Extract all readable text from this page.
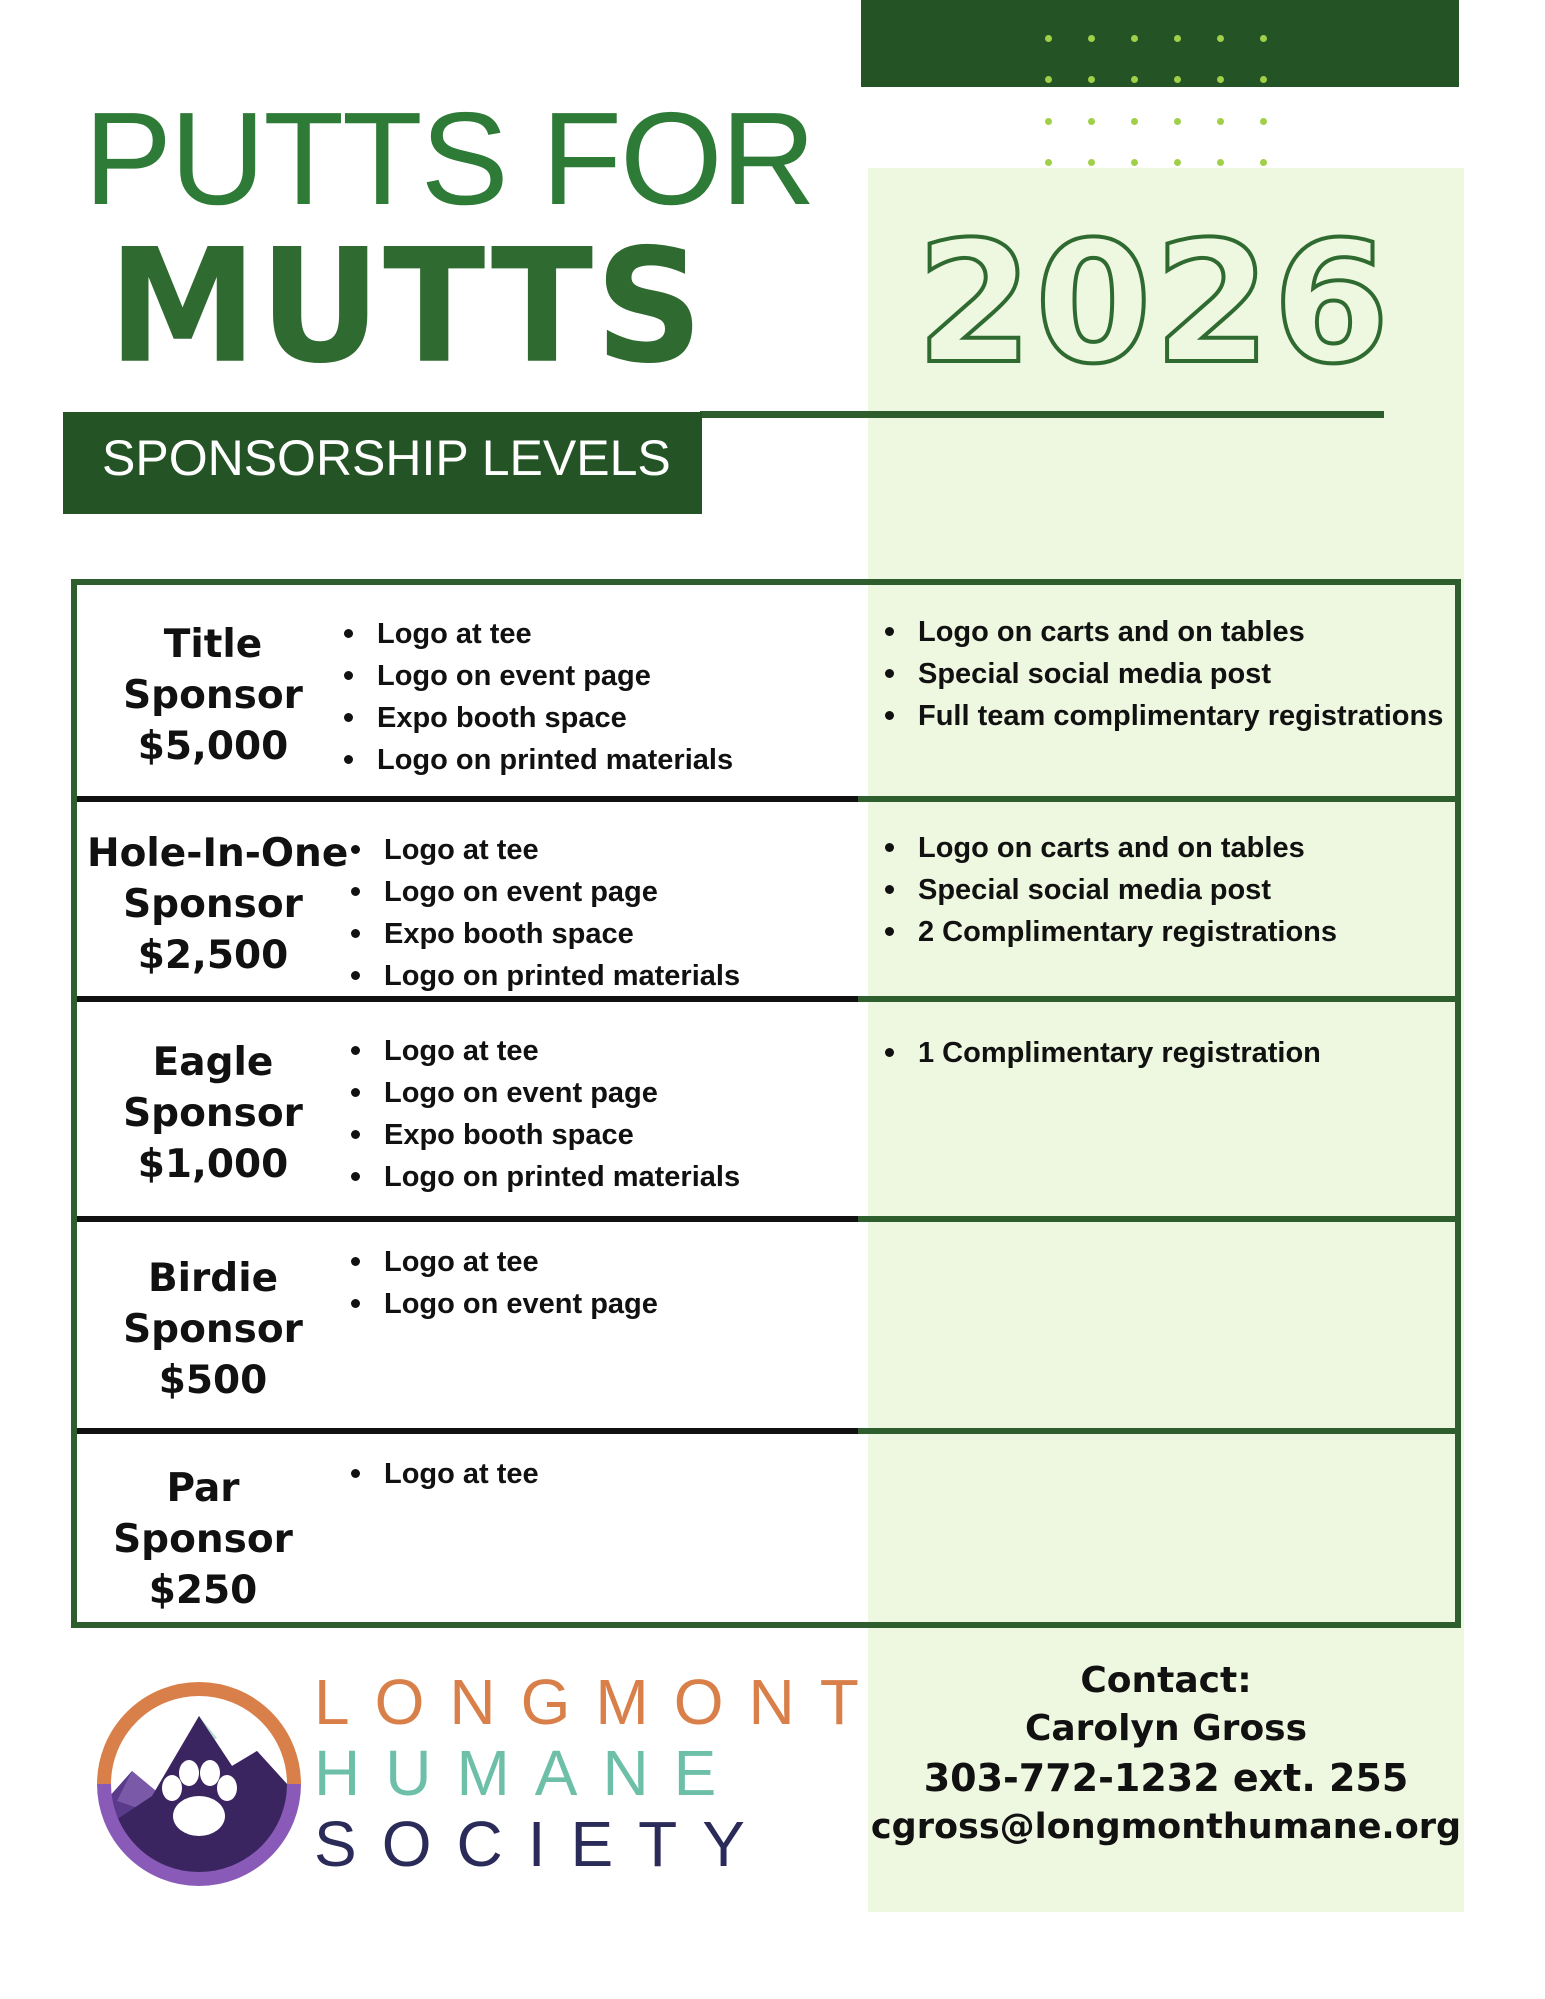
PUTTS FOR
MUTTS 2026
SPONSORSHIP LEVELS
Title
Sponsor
$5,000
Logo at tee
Logo on event page
Expo booth space
Logo on printed materials
Logo on carts and on tables
Special social media post
Full team complimentary registrations
Hole-In-One
Sponsor
$2,500
Logo at tee
Logo on event page
Expo booth space
Logo on printed materials
Logo on carts and on tables
Special social media post
2 Complimentary registrations
Eagle
Sponsor
$1,000
Logo at tee
Logo on event page
Expo booth space
Logo on printed materials
1 Complimentary registration
Birdie
Sponsor
$500
Logo at tee
Logo on event page
Par
Sponsor
$250
Logo at tee
LONGMONT
HUMANE
SOCIETY
Contact:
Carolyn Gross
303-772-1232 ext. 255
cgross@longmonthumane.org
